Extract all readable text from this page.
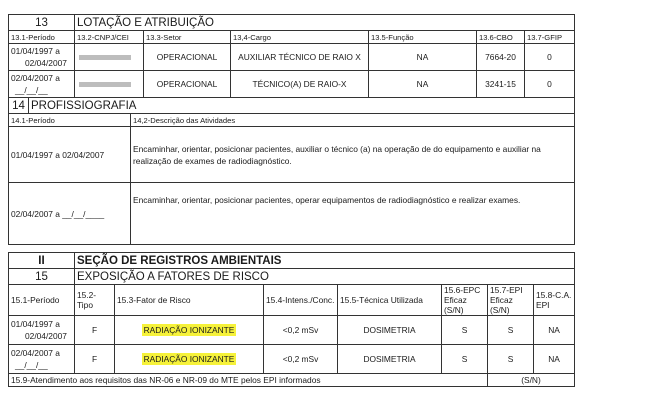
13	LOTAÇÃO E ATRIBUIÇÃO					
13.1-Período	13.2-CNPJ/CEI	13.3-Setor	13,4-Cargo	13.5-Função	13.6-CBO	13.7-GFIP
01/04/1997 a
02/04/2007		OPERACIONAL	AUXILIAR TÉCNICO DE RAIO X	NA	7664-20	0
02/04/2007 a
__/__/__		OPERACIONAL	TÉCNICO(A) DE RAIO-X	NA	3241-15	0
14	PROFISSIOGRAFIA	
14.1-Período		14,2-Descrição das Atividades
01/04/1997 a 02/04/2007		Encaminhar, orientar, posicionar pacientes, auxiliar o técnico (a) na operação de do equipamento e auxiliar na realização de exames de radiodiagnóstico.
02/04/2007 a __/__/____		Encaminhar, orientar, posicionar pacientes, operar equipamentos de radiodiagnóstico e realizar exames.
II	SEÇÃO DE REGISTROS AMBIENTAIS						
15	EXPOSIÇÃO A FATORES DE RISCO						
15.1-Período	15.2-Tipo	15.3-Fator de Risco	15.4-Intens./Conc.	15.5-Técnica Utilizada	15.6-EPC Eficaz (S/N)	15.7-EPI Eficaz (S/N)	15.8-C.A. EPI
01/04/1997 a
02/04/2007	F	RADIAÇÃO IONIZANTE	<0,2 mSv	DOSIMETRIA	S	S	NA
02/04/2007 a
__/__/__	F	RADIAÇÃO IONIZANTE	<0,2 mSv	DOSIMETRIA	S	S	NA
15.9-Atendimento aos requisitos das NR-06 e NR-09 do MTE pelos EPI informados						(S/N)	
